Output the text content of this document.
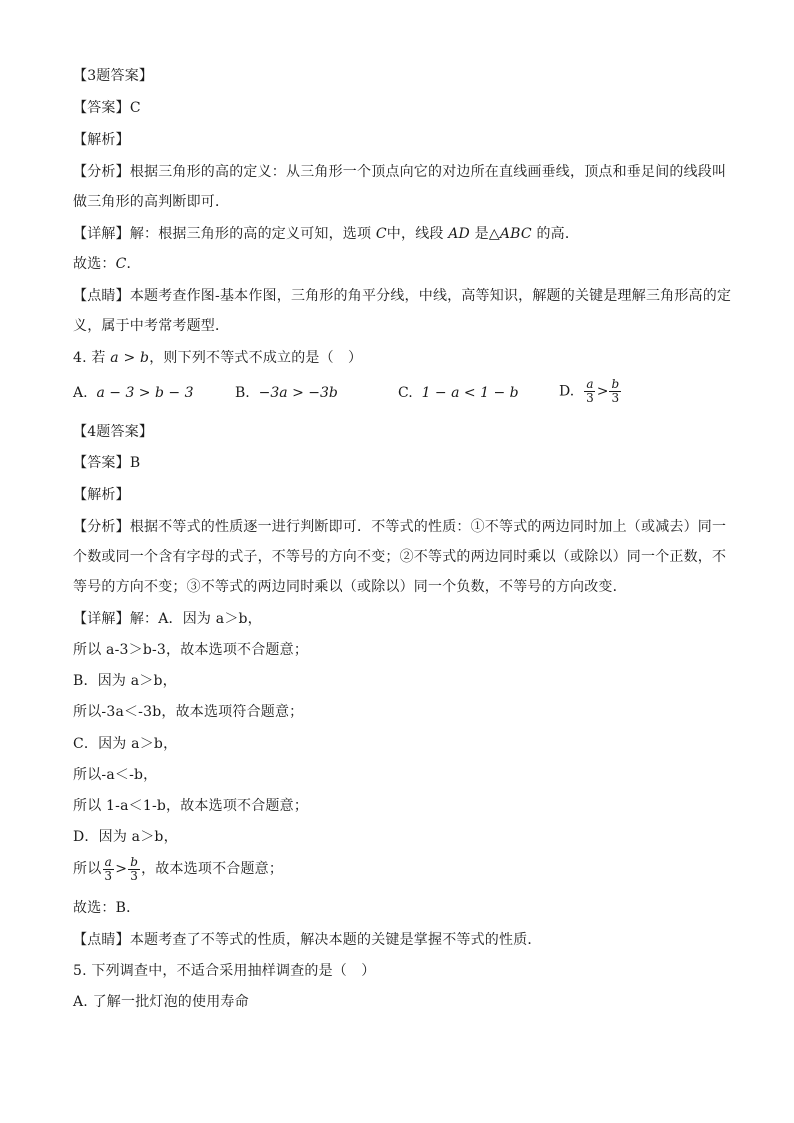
【3题答案】
【答案】C
【解析】
【分析】根据三角形的高的定义：从三角形一个顶点向它的对边所在直线画垂线，顶点和垂足间的线段叫
做三角形的高判断即可．
【详解】解：根据三角形的高的定义可知，选项 C中，线段 AD 是△ABC 的高．
故选：C．
【点睛】本题考查作图-基本作图，三角形的角平分线，中线，高等知识，解题的关键是理解三角形高的定
义，属于中考常考题型．
4. 若 a > b，则下列不等式不成立的是（　）
A. a − 3 > b − 3	B. −3a > −3b	C. 1 − a < 1 − b	D. $\frac{a}{3} > \frac{b}{3}$
【4题答案】
【答案】B
【解析】
【分析】根据不等式的性质逐一进行判断即可．不等式的性质：①不等式的两边同时加上（或减去）同一
个数或同一个含有字母的式子，不等号的方向不变；②不等式的两边同时乘以（或除以）同一个正数，不
等号的方向不变；③不等式的两边同时乘以（或除以）同一个负数，不等号的方向改变．
【详解】解：A．因为 a＞b，
所以 a-3＞b-3，故本选项不合题意；
B．因为 a＞b，
所以-3a＜-3b，故本选项符合题意；
C．因为 a＞b，
所以-a＜-b，
所以 1-a＜1-b，故本选项不合题意；
D．因为 a＞b，
所以 $\frac{a}{3} > \frac{b}{3}$ ，故本选项不合题意；
故选：B．
【点睛】本题考查了不等式的性质，解决本题的关键是掌握不等式的性质．
5. 下列调查中，不适合采用抽样调查的是（　）
A. 了解一批灯泡的使用寿命
